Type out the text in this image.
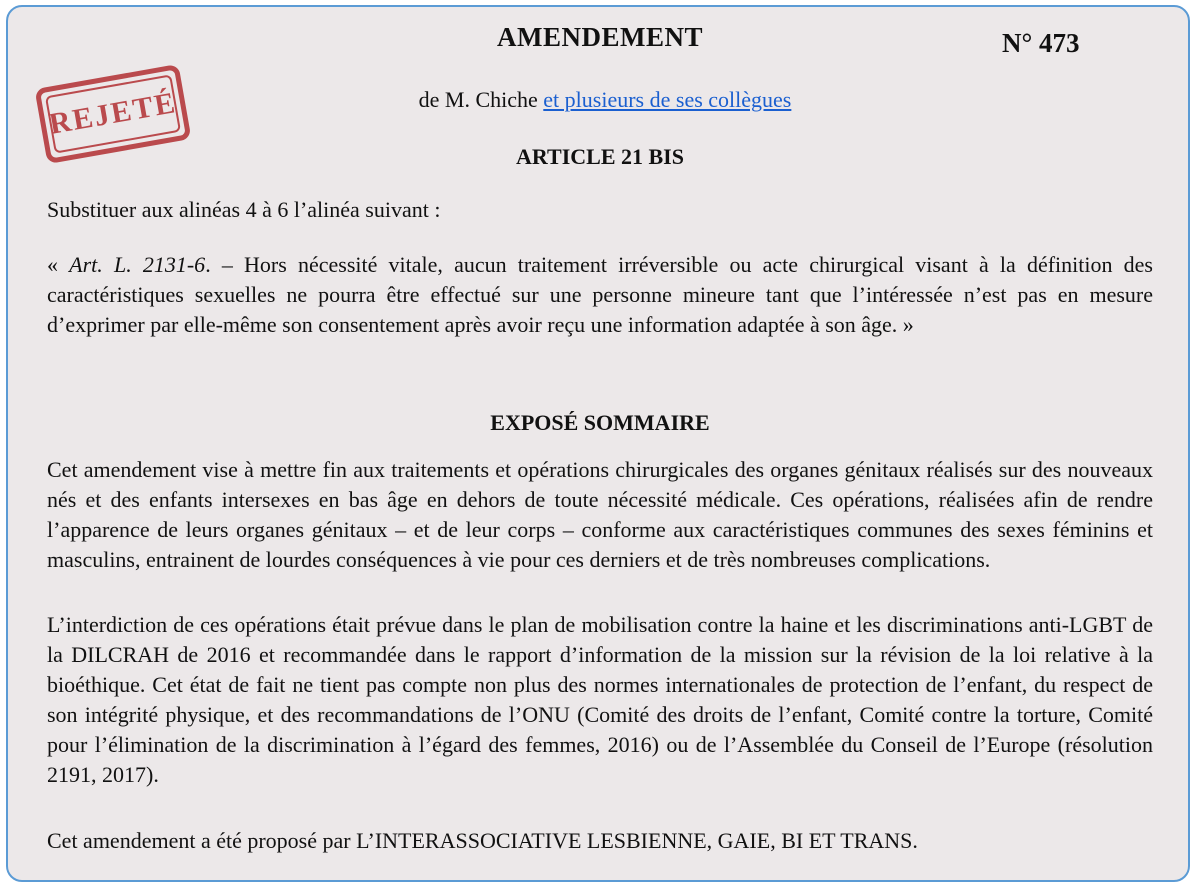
AMENDEMENT	N° 473
REJETÉ	de M. Chiche et plusieurs de ses collègues
ARTICLE 21 BIS

Substituer aux alinéas 4 à 6 l’alinéa suivant :

« Art. L. 2131‑6. – Hors nécessité vitale, aucun traitement irréversible ou acte chirurgical visant à la définition des caractéristiques sexuelles ne pourra être effectué sur une personne mineure tant que l’intéressée n’est pas en mesure d’exprimer par elle‑même son consentement après avoir reçu une information adaptée à son âge. »

EXPOSÉ SOMMAIRE

Cet amendement vise à mettre fin aux traitements et opérations chirurgicales des organes génitaux réalisés sur des nouveaux nés et des enfants intersexes en bas âge en dehors de toute nécessité médicale. Ces opérations, réalisées afin de rendre l’apparence de leurs organes génitaux – et de leur corps – conforme aux caractéristiques communes des sexes féminins et masculins, entrainent de lourdes conséquences à vie pour ces derniers et de très nombreuses complications.

L’interdiction de ces opérations était prévue dans le plan de mobilisation contre la haine et les discriminations anti-LGBT de la DILCRAH de 2016 et recommandée dans le rapport d’information de la mission sur la révision de la loi relative à la bioéthique. Cet état de fait ne tient pas compte non plus des normes internationales de protection de l’enfant, du respect de son intégrité physique, et des recommandations de l’ONU (Comité des droits de l’enfant, Comité contre la torture, Comité pour l’élimination de la discrimination à l’égard des femmes, 2016) ou de l’Assemblée du Conseil de l’Europe (résolution 2191, 2017).

Cet amendement a été proposé par L’INTERASSOCIATIVE LESBIENNE, GAIE, BI ET TRANS.
